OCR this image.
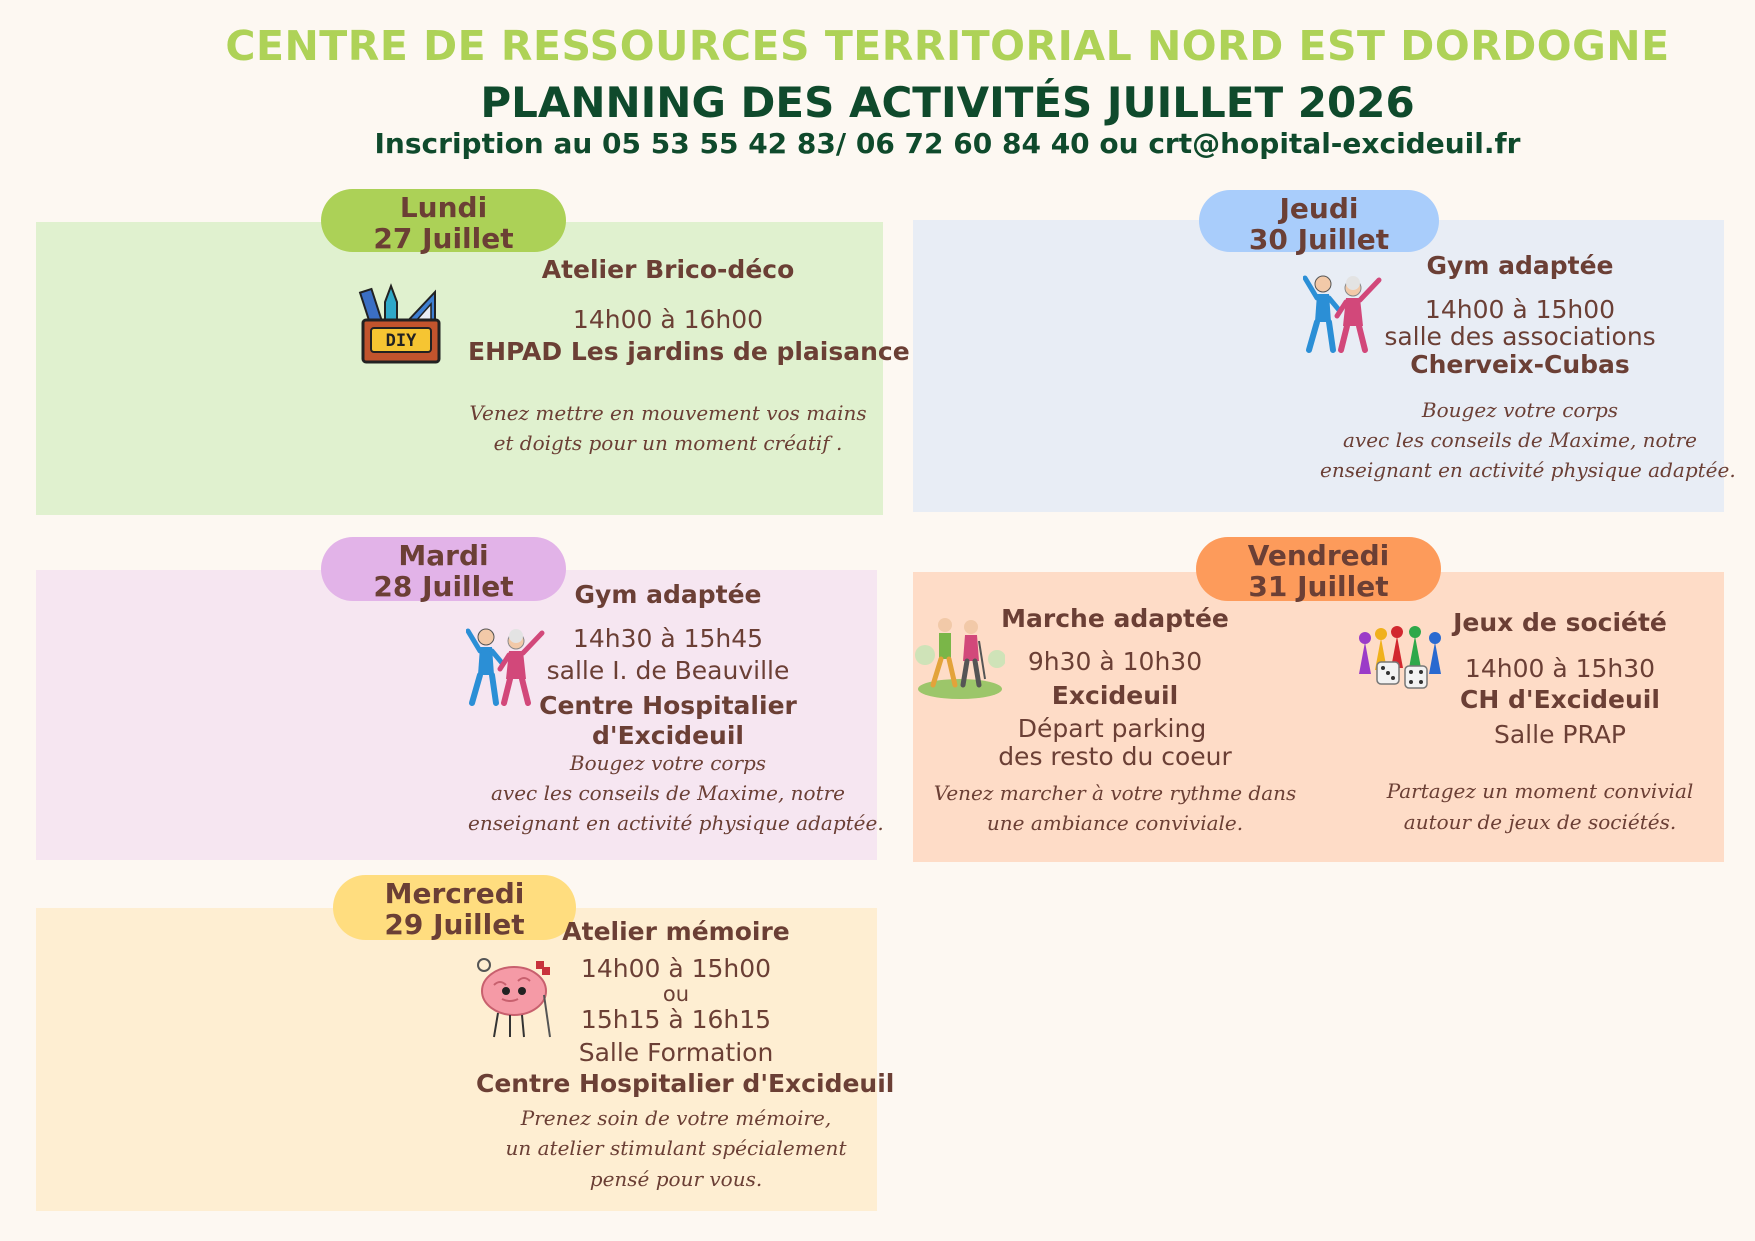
CENTRE DE RESSOURCES TERRITORIAL NORD EST DORDOGNE
PLANNING DES ACTIVITÉS JUILLET 2026
Inscription au 05 53 55 42 83/ 06 72 60 84 40 ou crt@hopital-excideuil.fr
Lundi
27 Juillet
DIY
Atelier Brico-déco
14h00 à 16h00
EHPAD Les jardins de plaisance
Venez mettre en mouvement vos mains
et doigts pour un moment créatif .
Mardi
28 Juillet	Gym adaptée
14h30 à 15h45
salle I. de Beauville
Centre Hospitalier
d'Excideuil
Bougez votre corps
avec les conseils de Maxime, notre
enseignant en activité physique adaptée.
Mercredi
29 Juillet	Atelier mémoire
14h00 à 15h00
ou
15h15 à 16h15
Salle Formation
Centre Hospitalier d'Excideuil
Prenez soin de votre mémoire,
un atelier stimulant spécialement
pensé pour vous.
Jeudi
30 Juillet
Gym adaptée
14h00 à 15h00
salle des associations
Cherveix-Cubas
Bougez votre corps
avec les conseils de Maxime, notre
enseignant en activité physique adaptée.
Vendredi
31 Juillet
Marche adaptée
9h30 à 10h30
Excideuil
Départ parking
des resto du coeur
Venez marcher à votre rythme dans
une ambiance conviviale.
Jeux de société
14h00 à 15h30
CH d'Excideuil
Salle PRAP
Partagez un moment convivial
autour de jeux de sociétés.
